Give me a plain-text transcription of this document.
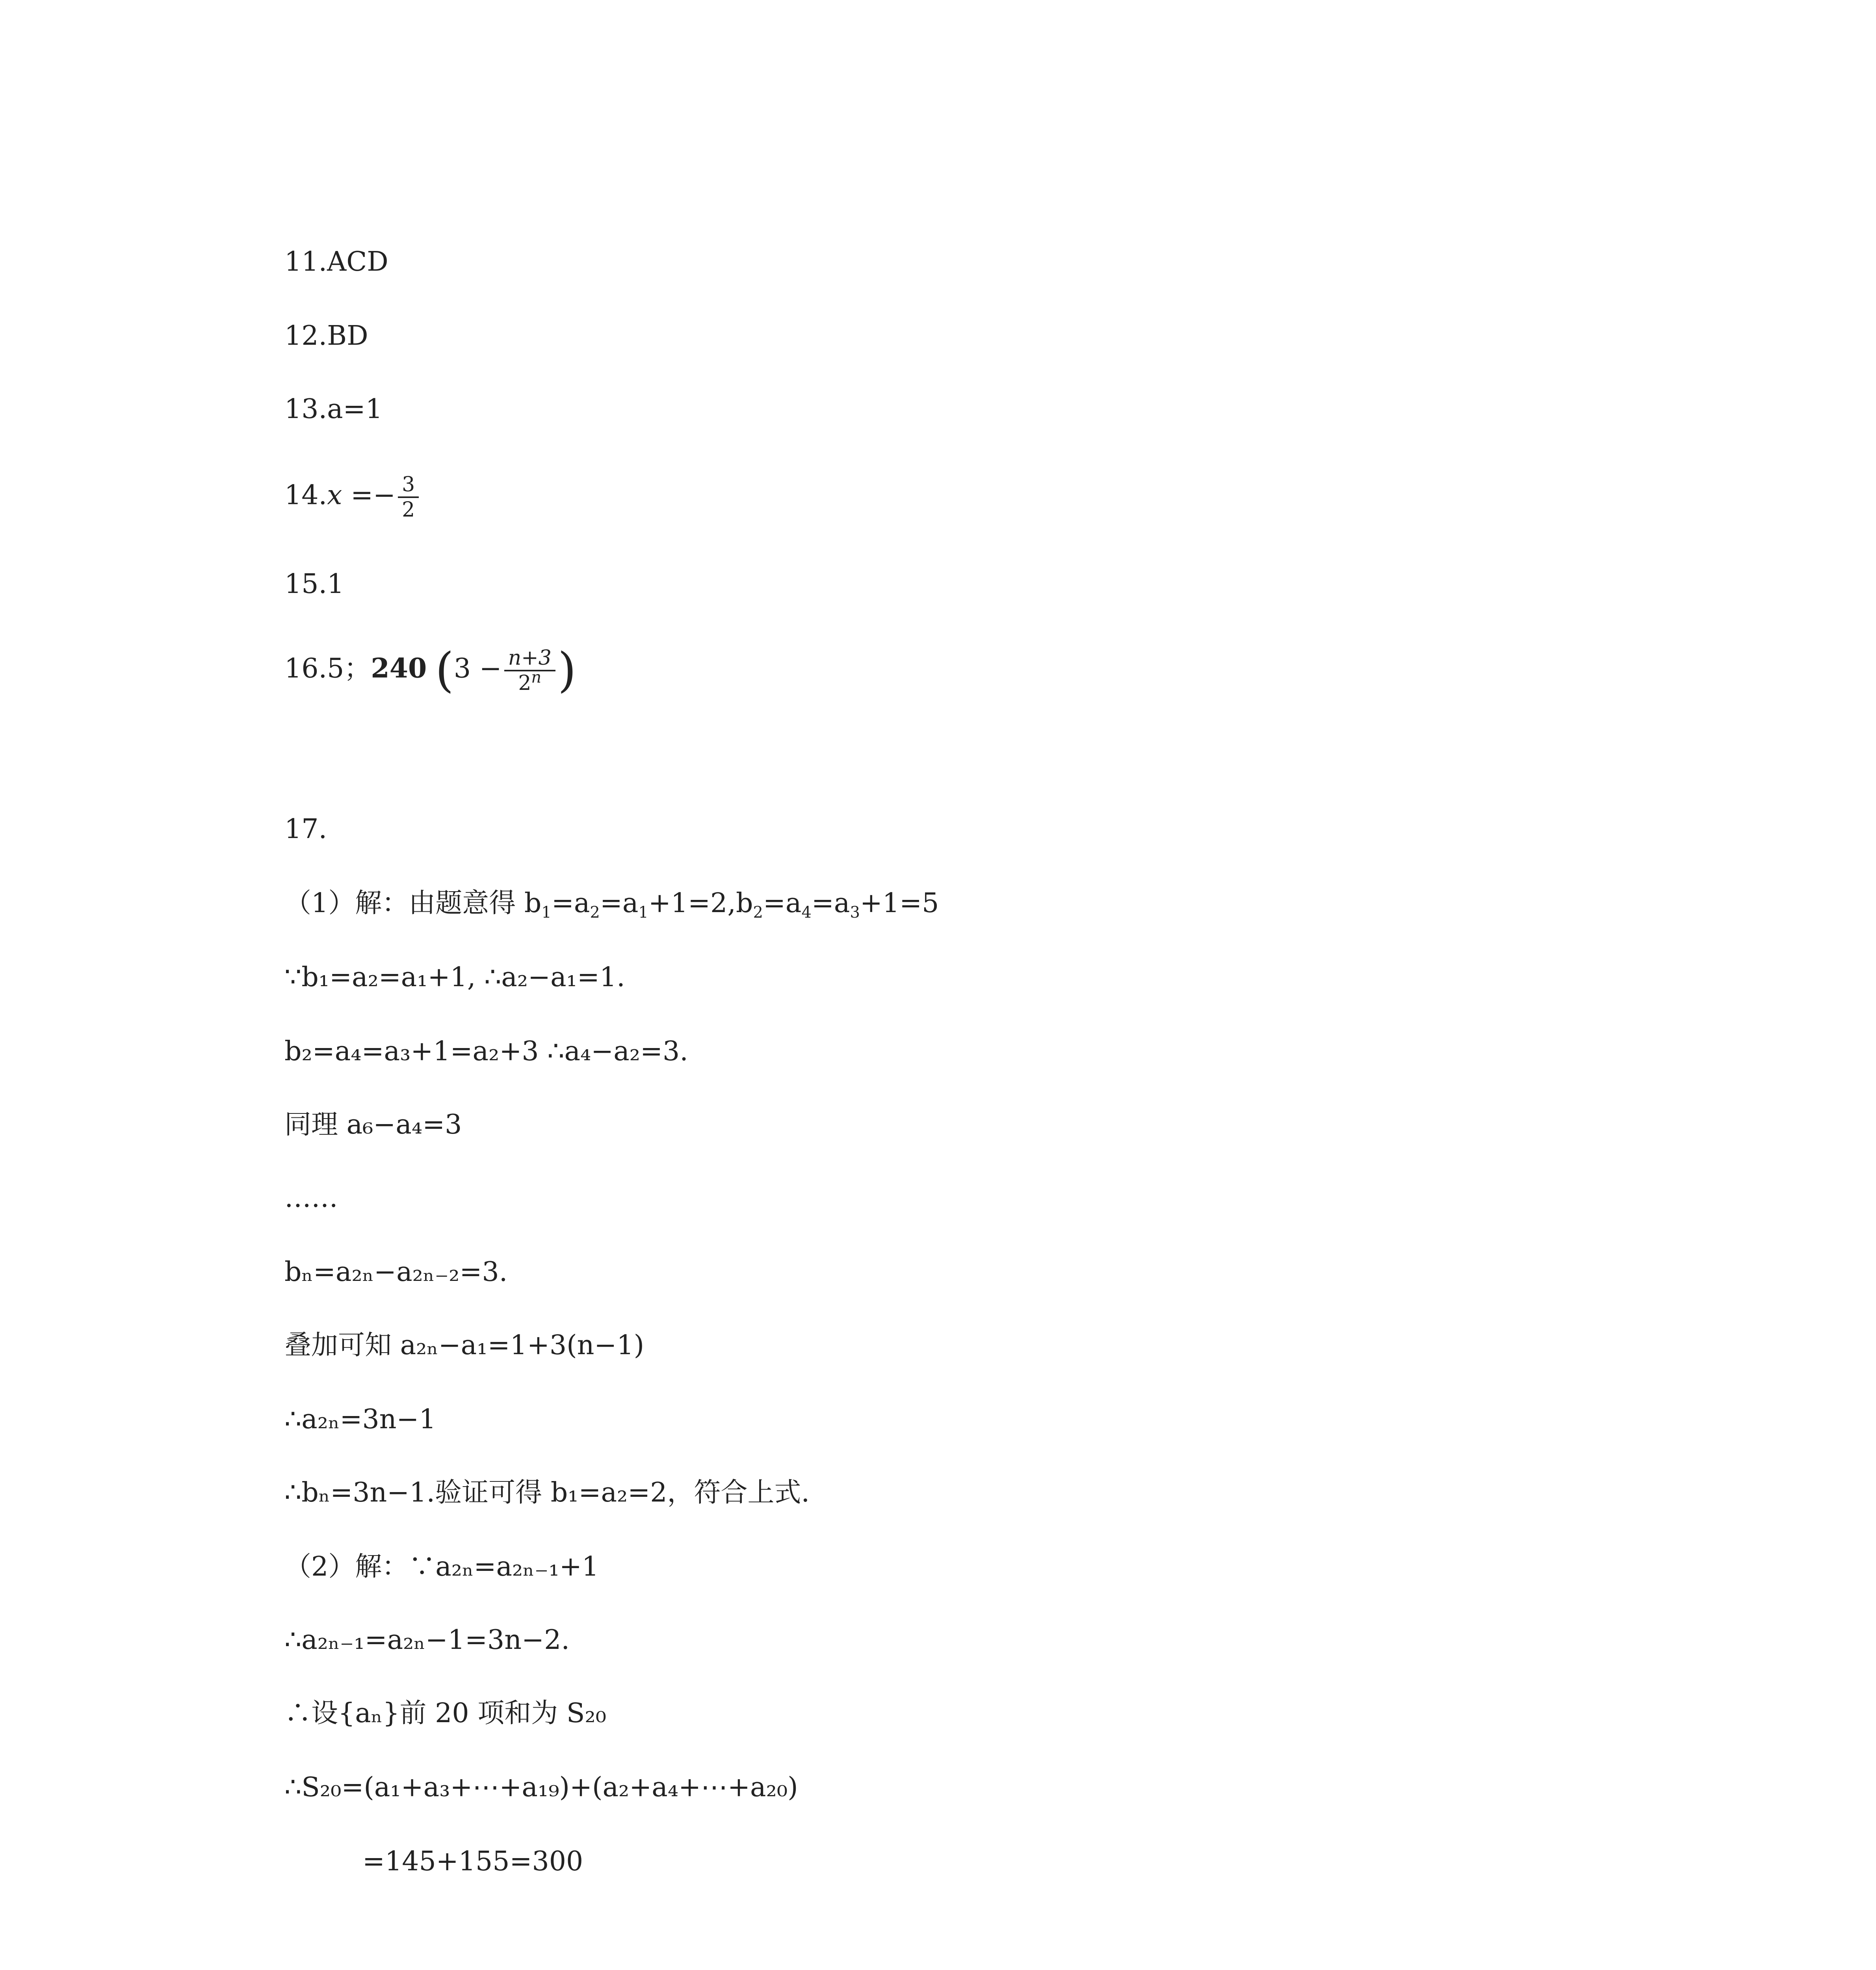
11.ACD
12.BD
13.a=1
$14.x =- \frac{3}{2}$
15.1
16.5；240 ($3 - \frac{n+3}{2^n}$ )
17.
（1）解：由题意得 $b_1=a_2=a_1+1=2,b_2=a_4=a_3+1=5$
∵b₁=a₂=a₁+1, ∴a₂−a₁=1.
b₂=a₄=a₃+1=a₂+3 ∴a₄−a₂=3.
同理 a₆−a₄=3
……
bₙ=a₂ₙ−a₂ₙ₋₂=3.
叠加可知 a₂ₙ−a₁=1+3(n−1)
∴a₂ₙ=3n−1
∴bₙ=3n−1.验证可得 b₁=a₂=2，符合上式.
（2）解：∵a₂ₙ=a₂ₙ₋₁+1
∴a₂ₙ₋₁=a₂ₙ−1=3n−2.
∴设{aₙ}前 20 项和为 S₂₀
∴S₂₀=(a₁+a₃+⋯+a₁₉)+(a₂+a₄+⋯+a₂₀)
=145+155=300
